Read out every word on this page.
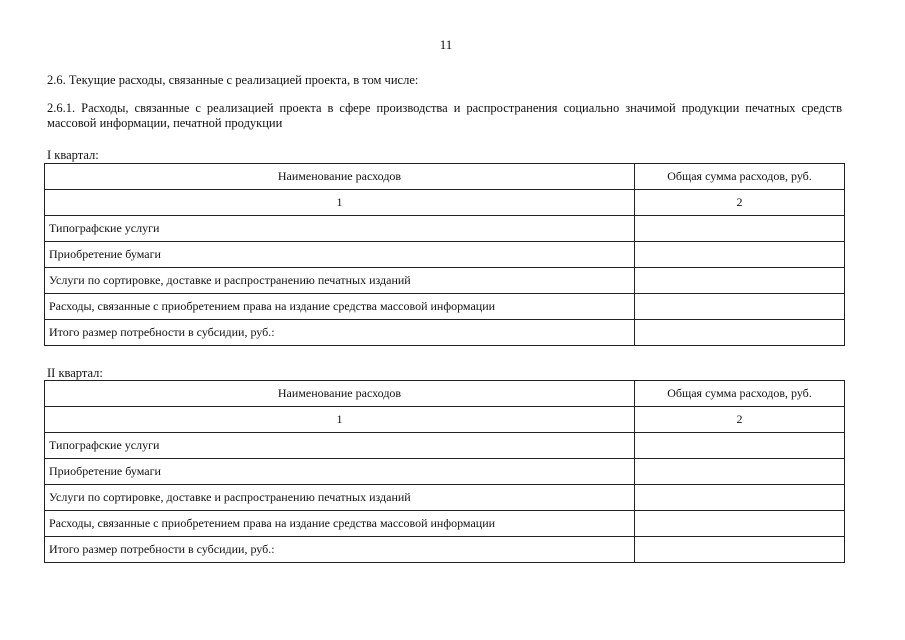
11
2.6. Текущие расходы, связанные с реализацией проекта, в том числе:
2.6.1. Расходы, связанные с реализацией проекта в сфере производства и распространения социально значимой продукции печатных средств массовой информации, печатной продукции
I квартал:
Наименование расходов	Общая сумма расходов, руб.
1	2
Типографские услуги	
Приобретение бумаги	
Услуги по сортировке, доставке и распространению печатных изданий	
Расходы, связанные с приобретением права на издание средства массовой информации	
Итого размер потребности в субсидии, руб.:	
II квартал:
Наименование расходов	Общая сумма расходов, руб.
1	2
Типографские услуги	
Приобретение бумаги	
Услуги по сортировке, доставке и распространению печатных изданий	
Расходы, связанные с приобретением права на издание средства массовой информации	
Итого размер потребности в субсидии, руб.:	
